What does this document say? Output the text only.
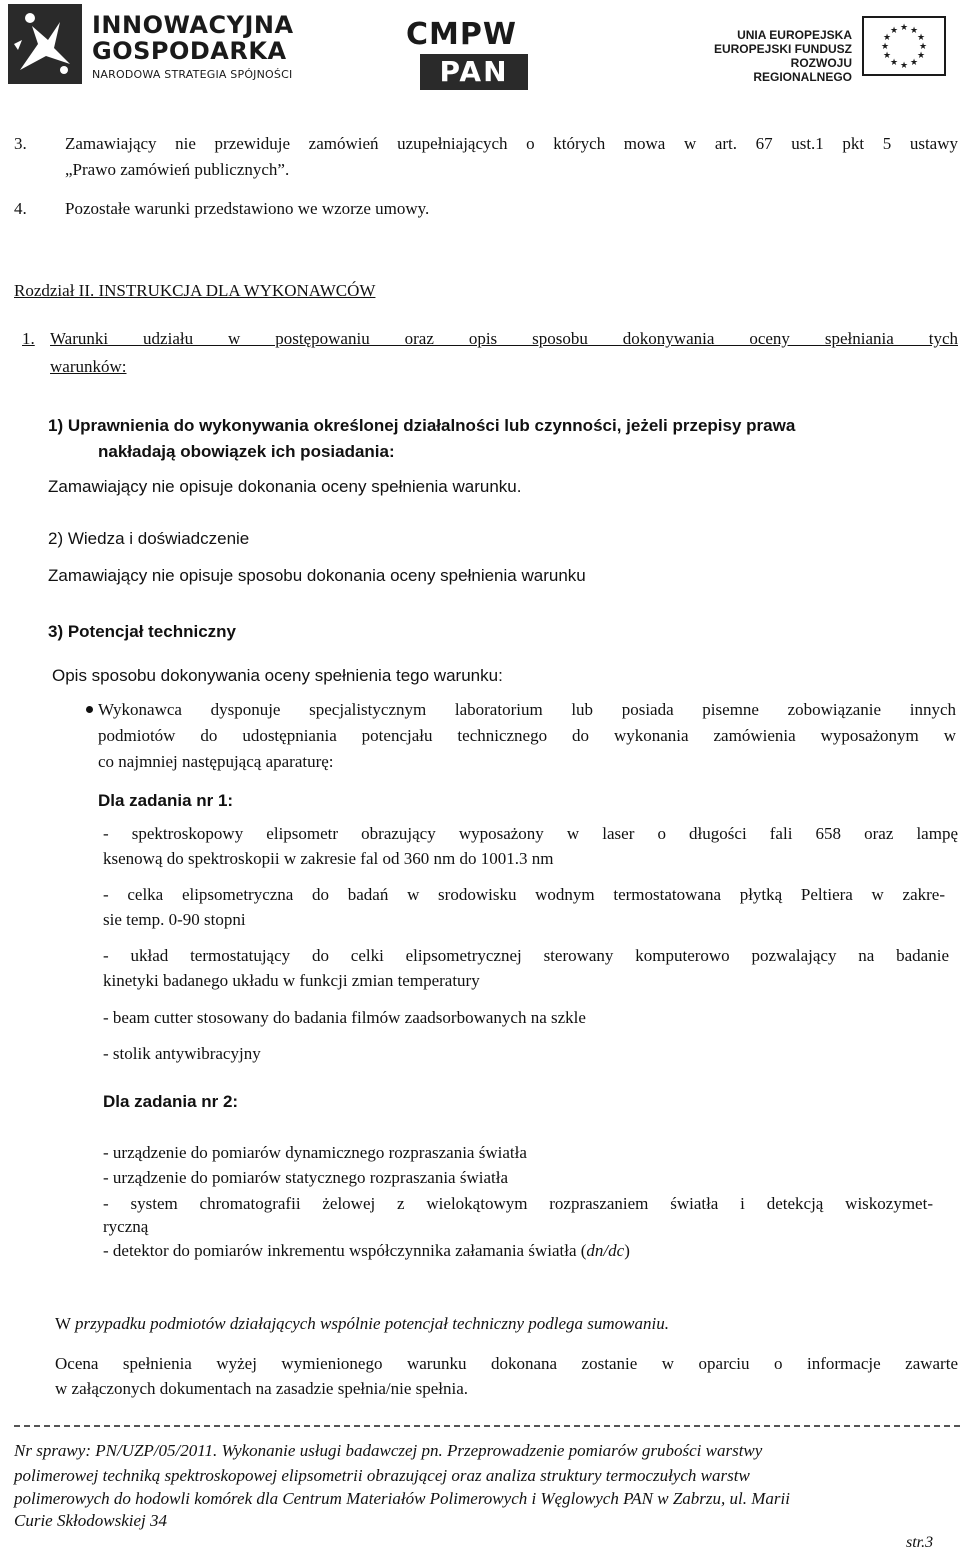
INNOWACYJNA
GOSPODARKA
NARODOWA STRATEGIA SPÓJNOŚCI
CMPW
PAN
UNIA EUROPEJSKA
EUROPEJSKI FUNDUSZ
ROZWOJU REGIONALNEGO
★ ★
★
★
★
★
★
★
★
★
★
★
3. Zamawiający nie przewiduje zamówień uzupełniających o których mowa w art. 67 ust.1 pkt 5 ustawy
„Prawo zamówień publicznych”.
4. Pozostałe warunki przedstawiono we wzorze umowy.
Rozdział II. INSTRUKCJA DLA WYKONAWCÓW
1. Warunki udziału w postępowaniu oraz opis sposobu dokonywania oceny spełniania tych
warunków:
1) Uprawnienia do wykonywania określonej działalności lub czynności, jeżeli przepisy prawa
nakładają obowiązek ich posiadania:
Zamawiający nie opisuje dokonania oceny spełnienia warunku.
2) Wiedza i doświadczenie
Zamawiający nie opisuje sposobu dokonania oceny spełnienia warunku
3) Potencjał techniczny
Opis sposobu dokonywania oceny spełnienia tego warunku:
Wykonawca dysponuje specjalistycznym laboratorium lub posiada pisemne zobowiązanie innych
podmiotów do udostępniania potencjału technicznego do wykonania zamówienia wyposażonym w
co najmniej następującą aparaturę:
Dla zadania nr 1:
- spektroskopowy elipsometr obrazujący wyposażony w laser o długości fali 658 oraz lampę
ksenową do spektroskopii w zakresie fal od 360 nm do 1001.3 nm
- celka elipsometryczna do badań w srodowisku wodnym termostatowana płytką Peltiera w zakre-
sie temp. 0-90 stopni
- układ termostatujący do celki elipsometrycznej sterowany komputerowo pozwalający na badanie
kinetyki badanego układu w funkcji zmian temperatury
- beam cutter stosowany do badania filmów zaadsorbowanych na szkle
- stolik antywibracyjny
Dla zadania nr 2:
- urządzenie do pomiarów dynamicznego rozpraszania światła
- urządzenie do pomiarów statycznego rozpraszania światła
- system chromatografii żelowej z wielokątowym rozpraszaniem światła i detekcją wiskozymet-
ryczną
- detektor do pomiarów inkrementu współczynnika załamania światła (dn/dc)
W przypadku podmiotów działających wspólnie potencjał techniczny podlega sumowaniu.
Ocena spełnienia wyżej wymienionego warunku dokonana zostanie w oparciu o informacje zawarte
w załączonych dokumentach na zasadzie spełnia/nie spełnia.
Nr sprawy: PN/UZP/05/2011. Wykonanie usługi badawczej pn. Przeprowadzenie pomiarów grubości warstwy
polimerowej techniką spektroskopowej elipsometrii obrazującej oraz analiza struktury termoczułych warstw
polimerowych do hodowli komórek dla Centrum Materiałów Polimerowych i Węglowych PAN w Zabrzu, ul. Marii
Curie Skłodowskiej 34
str.3
